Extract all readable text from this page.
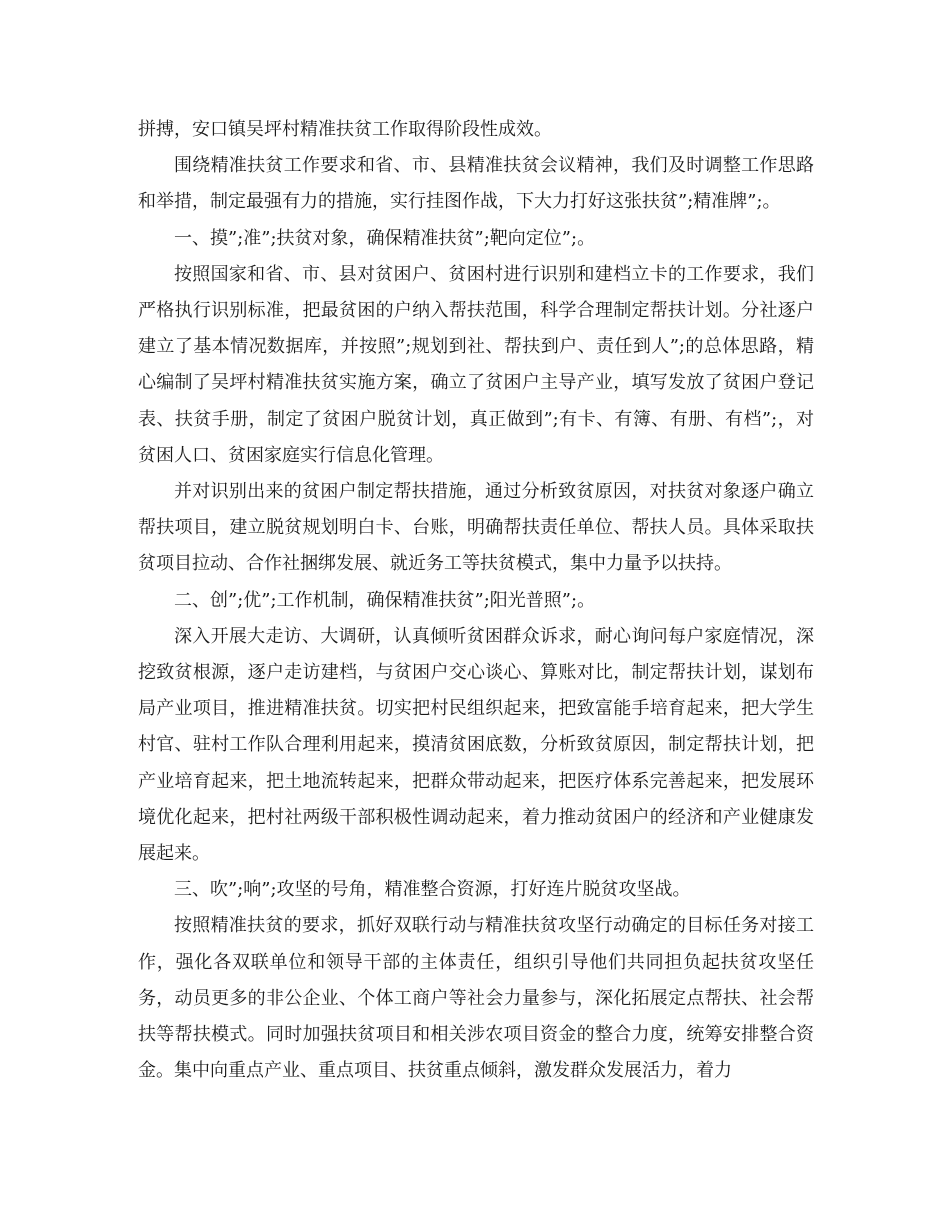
拼搏，安口镇吴坪村精准扶贫工作取得阶段性成效。

围绕精准扶贫工作要求和省、市、县精准扶贫会议精神，我们及时调整工作思路和举措，制定最强有力的措施，实行挂图作战，下大力打好这张扶贫”;精准牌”;。

一、摸”;准”;扶贫对象，确保精准扶贫”;靶向定位”;。

按照国家和省、市、县对贫困户、贫困村进行识别和建档立卡的工作要求，我们严格执行识别标准，把最贫困的户纳入帮扶范围，科学合理制定帮扶计划。分社逐户建立了基本情况数据库，并按照”;规划到社、帮扶到户、责任到人”;的总体思路，精心编制了吴坪村精准扶贫实施方案，确立了贫困户主导产业，填写发放了贫困户登记表、扶贫手册，制定了贫困户脱贫计划，真正做到”;有卡、有簿、有册、有档”;，对贫困人口、贫困家庭实行信息化管理。

并对识别出来的贫困户制定帮扶措施，通过分析致贫原因，对扶贫对象逐户确立帮扶项目，建立脱贫规划明白卡、台账，明确帮扶责任单位、帮扶人员。具体采取扶贫项目拉动、合作社捆绑发展、就近务工等扶贫模式，集中力量予以扶持。

二、创”;优”;工作机制，确保精准扶贫”;阳光普照”;。

深入开展大走访、大调研，认真倾听贫困群众诉求，耐心询问每户家庭情况，深挖致贫根源，逐户走访建档，与贫困户交心谈心、算账对比，制定帮扶计划，谋划布局产业项目，推进精准扶贫。切实把村民组织起来，把致富能手培育起来，把大学生村官、驻村工作队合理利用起来，摸清贫困底数，分析致贫原因，制定帮扶计划，把产业培育起来，把土地流转起来，把群众带动起来，把医疗体系完善起来，把发展环境优化起来，把村社两级干部积极性调动起来，着力推动贫困户的经济和产业健康发展起来。

三、吹”;响”;攻坚的号角，精准整合资源，打好连片脱贫攻坚战。

按照精准扶贫的要求，抓好双联行动与精准扶贫攻坚行动确定的目标任务对接工作，强化各双联单位和领导干部的主体责任，组织引导他们共同担负起扶贫攻坚任务，动员更多的非公企业、个体工商户等社会力量参与，深化拓展定点帮扶、社会帮扶等帮扶模式。同时加强扶贫项目和相关涉农项目资金的整合力度，统筹安排整合资金。集中向重点产业、重点项目、扶贫重点倾斜，激发群众发展活力，着力
